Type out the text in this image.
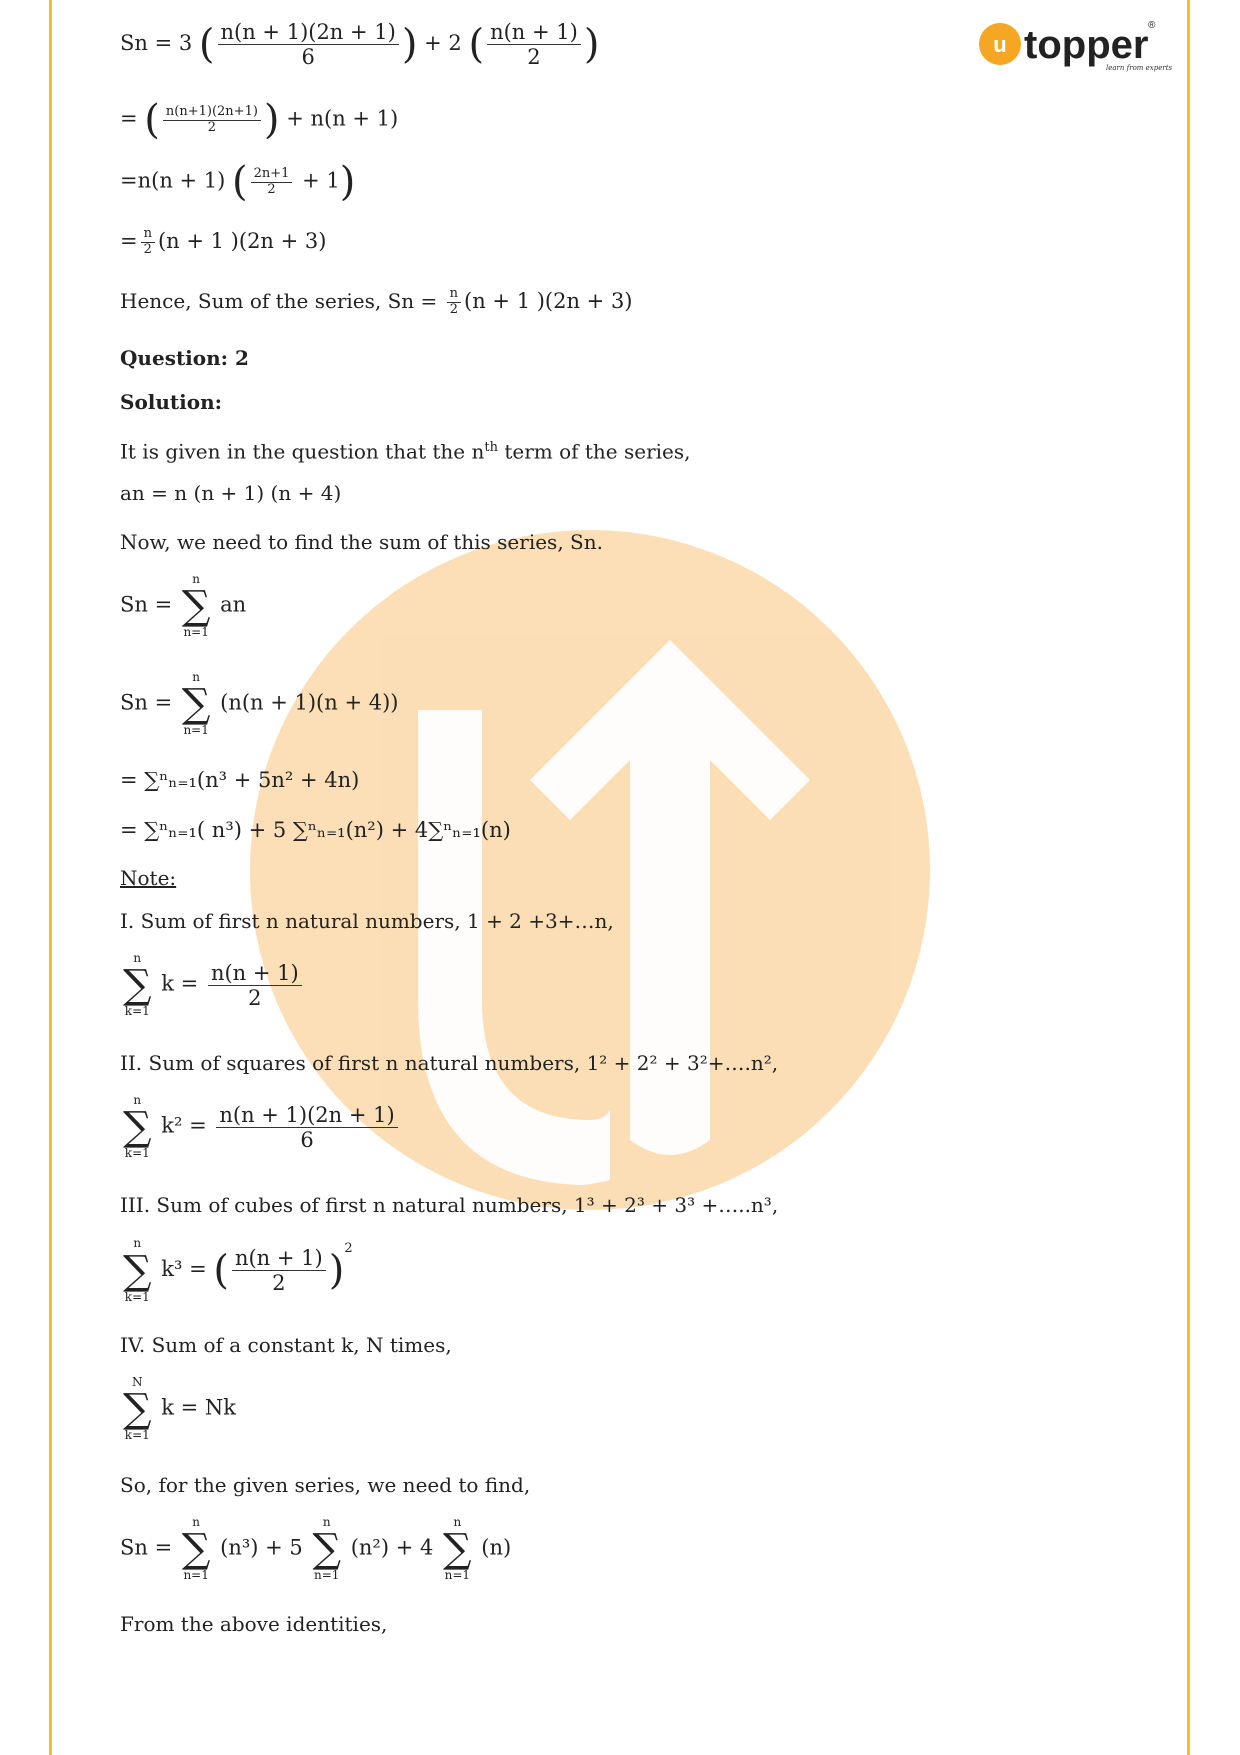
u topper
learn from experts
®
Sn = 3 ( $\frac{n(n + 1)(2n + 1)}{6}$ ) + 2 ( $\frac{n(n + 1)}{2}$ )
= ( $\frac{n(n+1)(2n+1)}{2}$ ) + n(n + 1)
=n(n + 1) ( $\frac{2n+1}{2} + 1$)
= $\frac{n}{2} (n + 1$ )(2n + 3)
Hence, Sum of the series, $Sn = \frac{n}{2} (n + 1$ )(2n + 3)
Question: 2
Solution:
It is given in the question that the $n^{th}$ term of the series,
an = n (n + 1) (n + 4)
Now, we need to find the sum of this series, Sn.
Sn = n
∑
n=1 an
Sn = n
∑
n=1 (n(n + 1)(n + 4))
= ∑ⁿₙ₌₁(n³ + 5n² + 4n)
= ∑ⁿₙ₌₁( n³) + 5 ∑ⁿₙ₌₁(n²) + 4∑ⁿₙ₌₁(n)
Note:
I. Sum of first n natural numbers, 1 + 2 +3+…n,
n
∑
k=1 $k = \frac{n(n + 1)}{2}$
II. Sum of squares of first n natural numbers, 1² + 2² + 3²+….n²,
n
∑
k=1 $k^2 = \frac{n(n + 1)(2n + 1)}{6}$
III. Sum of cubes of first n natural numbers, 1³ + 2³ + 3³ +…..n³,
n
∑
k=1 k³ = ( $\frac{n(n + 1)}{2} )^2$
IV. Sum of a constant k, N times,
N
∑
k=1 k = Nk
So, for the given series, we need to find,
Sn = n
∑
n=1 (n³) + 5 n
∑
n=1 (n²) + 4 n
∑
n=1 (n)
From the above identities,
